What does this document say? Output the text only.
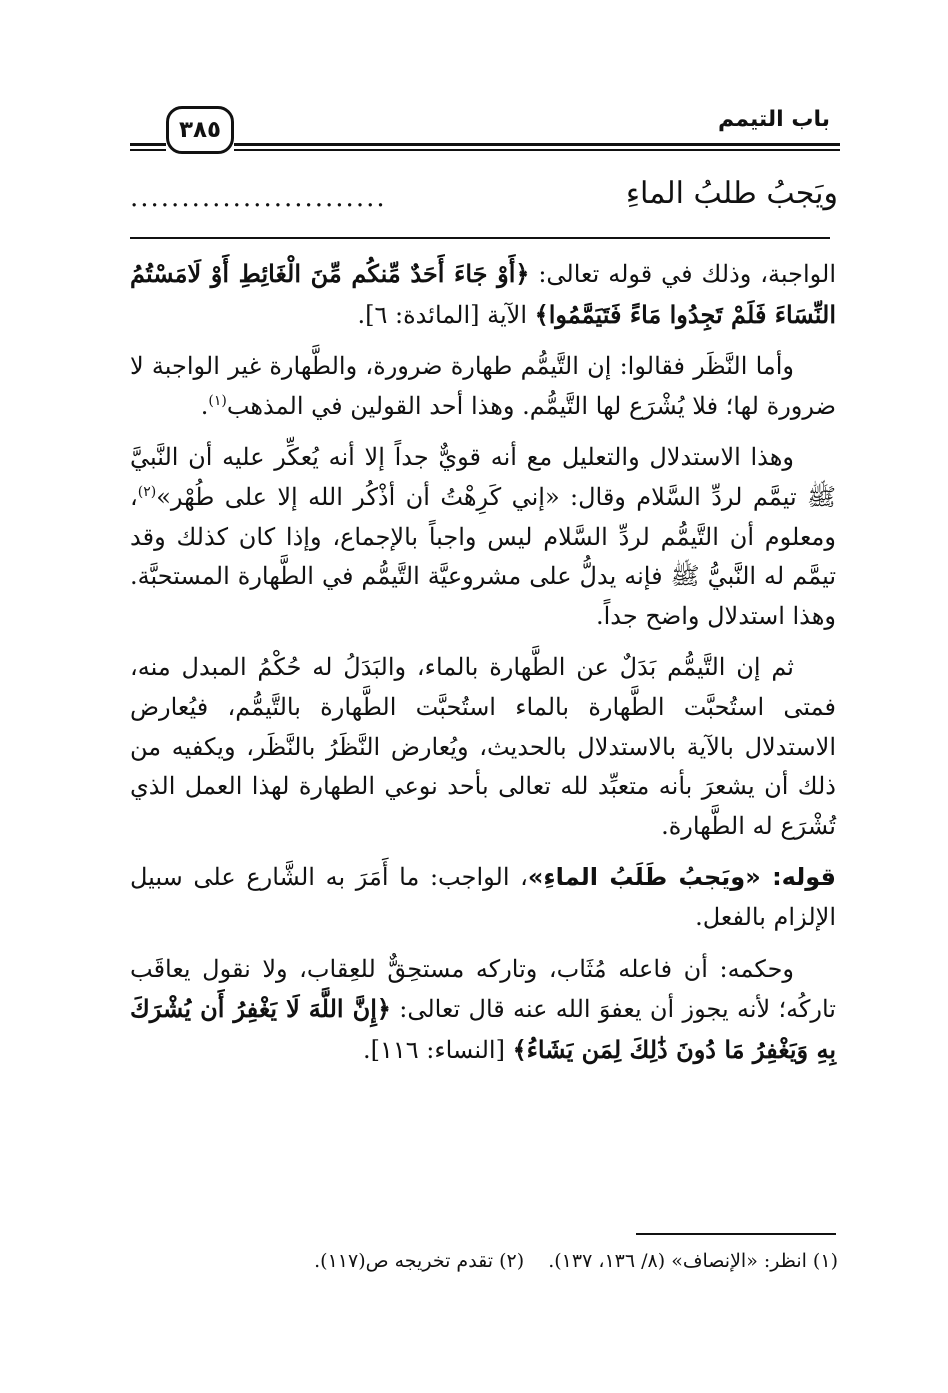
باب التيمم
٣٨٥
ويَجبُ طلبُ الماءِ
.........................

الواجبة، وذلك في قوله تعالى: ﴿أَوْ جَاءَ أَحَدٌ مِّنكُم مِّنَ الْغَائِطِ أَوْ لَامَسْتُمُ النِّسَاءَ فَلَمْ تَجِدُوا مَاءً فَتَيَمَّمُوا﴾ الآية [المائدة: ٦].

وأما النَّظَر فقالوا: إن التَّيمُّم طهارة ضرورة، والطَّهارة غير الواجبة لا ضرورة لها؛ فلا يُشْرَع لها التَّيمُّم. وهذا أحد القولين في المذهب$^{(١)}$.

وهذا الاستدلال والتعليل مع أنه قويٌّ جداً إلا أنه يُعكِّر عليه أن النَّبيَّ ﷺ تيمَّم لردِّ السَّلام وقال: «إني كَرِهْتُ أن أذْكُر الله إلا على طُهْر»$^{(٢)}$، ومعلوم أن التَّيمُّم لردِّ السَّلام ليس واجباً بالإجماع، وإذا كان كذلك وقد تيمَّم له النَّبيُّ ﷺ فإنه يدلُّ على مشروعيَّة التَّيمُّم في الطَّهارة المستحبَّة. وهذا استدلال واضح جداً.

ثم إن التَّيمُّم بَدَلٌ عن الطَّهارة بالماء، والبَدَلُ له حُكْمُ المبدل منه، فمتى استُحبَّت الطَّهارة بالماء استُحبَّت الطَّهارة بالتَّيمُّم، فيُعارض الاستدلال بالآية بالاستدلال بالحديث، ويُعارض النَّظَرُ بالنَّظَر، ويكفيه من ذلك أن يشعرَ بأنه متعبِّد لله تعالى بأحد نوعي الطهارة لهذا العمل الذي تُشْرَع له الطَّهارة.

قوله: «ويَجبُ طَلَبُ الماءِ»، الواجب: ما أَمَرَ به الشَّارع على سبيل الإلزام بالفعل.

وحكمه: أن فاعله مُثَاب، وتاركه مستحِقٌّ للعِقاب، ولا نقول يعاقَب تاركُه؛ لأنه يجوز أن يعفوَ الله عنه قال تعالى: ﴿إِنَّ اللَّهَ لَا يَغْفِرُ أَن يُشْرَكَ بِهِ وَيَغْفِرُ مَا دُونَ ذَٰلِكَ لِمَن يَشَاءُ﴾ [النساء: ١١٦].

(١) انظر: «الإنصاف» (٨/ ١٣٦، ١٣٧). (٢) تقدم تخريجه ص(١١٧).
